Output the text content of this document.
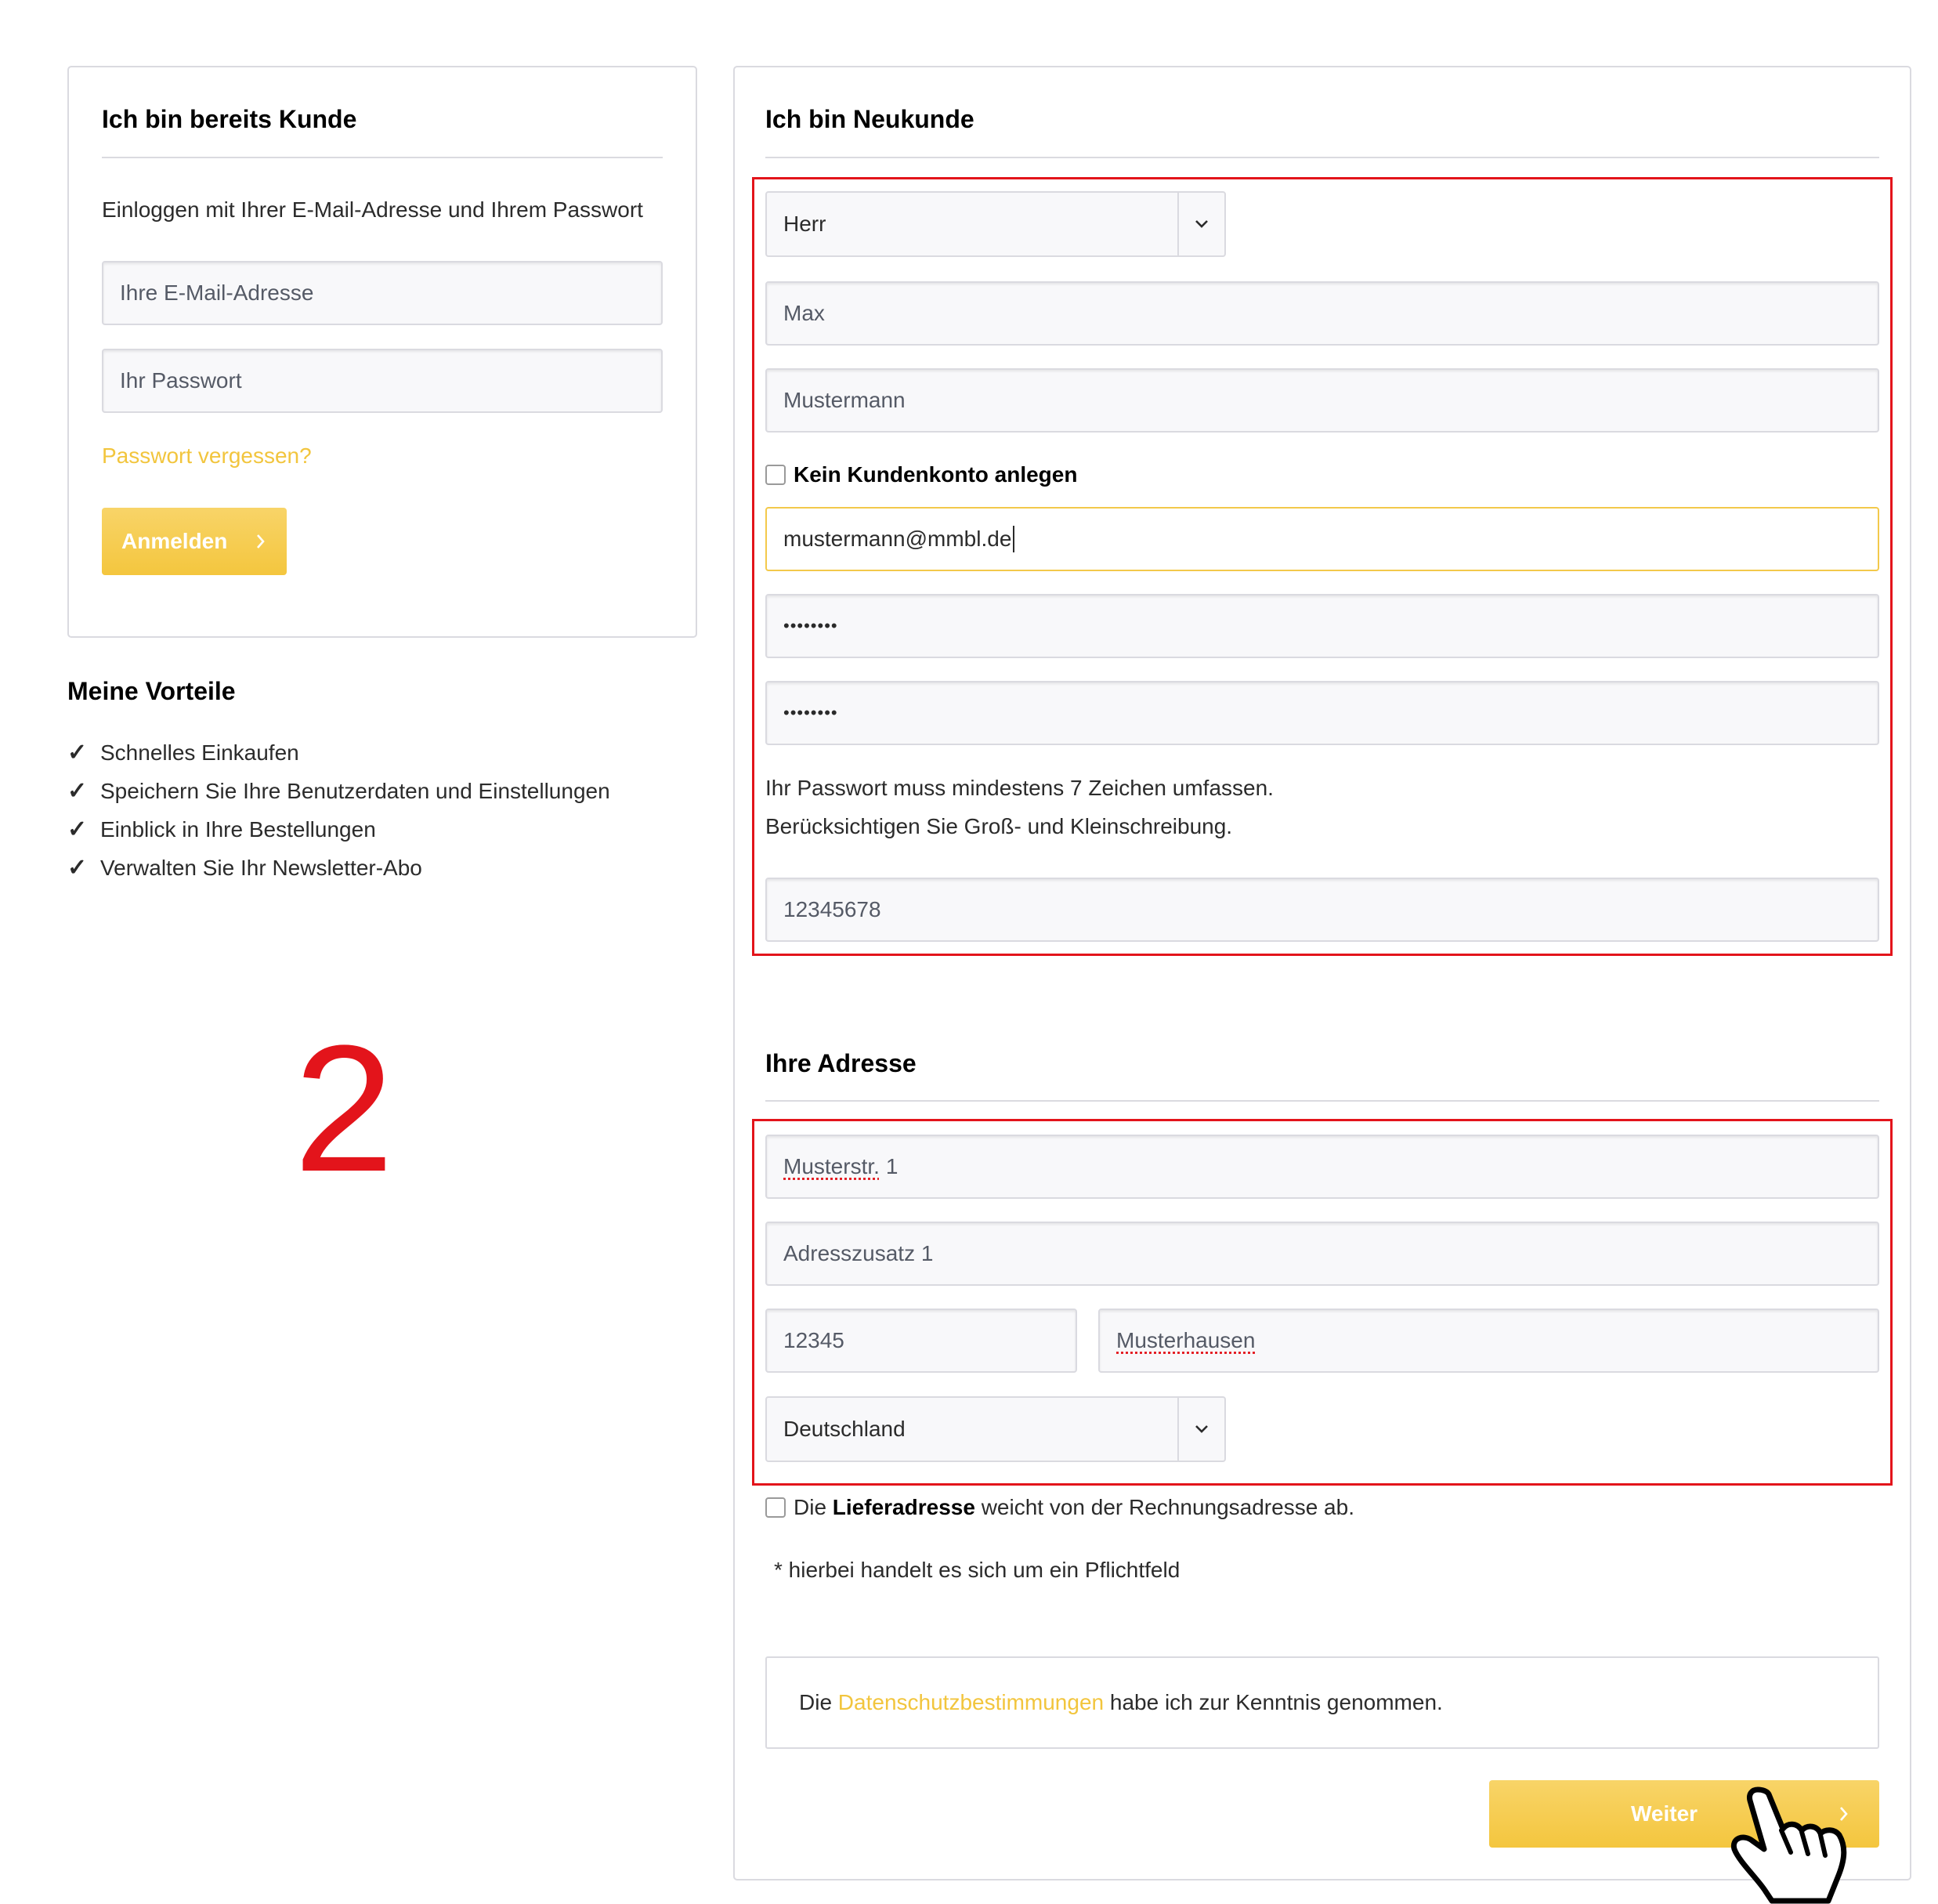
Ich bin bereits Kunde
Einloggen mit Ihrer E-Mail-Adresse und Ihrem Passwort
Ihre E-Mail-Adresse
Ihr Passwort
Passwort vergessen?
Anmelden
Meine Vorteile
✓ Schnelles Einkaufen
✓ Speichern Sie Ihre Benutzerdaten und Einstellungen
✓ Einblick in Ihre Bestellungen
✓ Verwalten Sie Ihr Newsletter-Abo
2
Ich bin Neukunde
Herr
Max
Mustermann
Kein Kundenkonto anlegen
mustermann@mmbl.de
••••••••
••••••••
Ihr Passwort muss mindestens 7 Zeichen umfassen.
Berücksichtigen Sie Groß- und Kleinschreibung.
12345678
Ihre Adresse
Musterstr. 1
Adresszusatz 1
12345	Musterhausen
Deutschland
Die Lieferadresse weicht von der Rechnungsadresse ab.
* hierbei handelt es sich um ein Pflichtfeld
Die Datenschutzbestimmungen habe ich zur Kenntnis genommen.
Weiter
